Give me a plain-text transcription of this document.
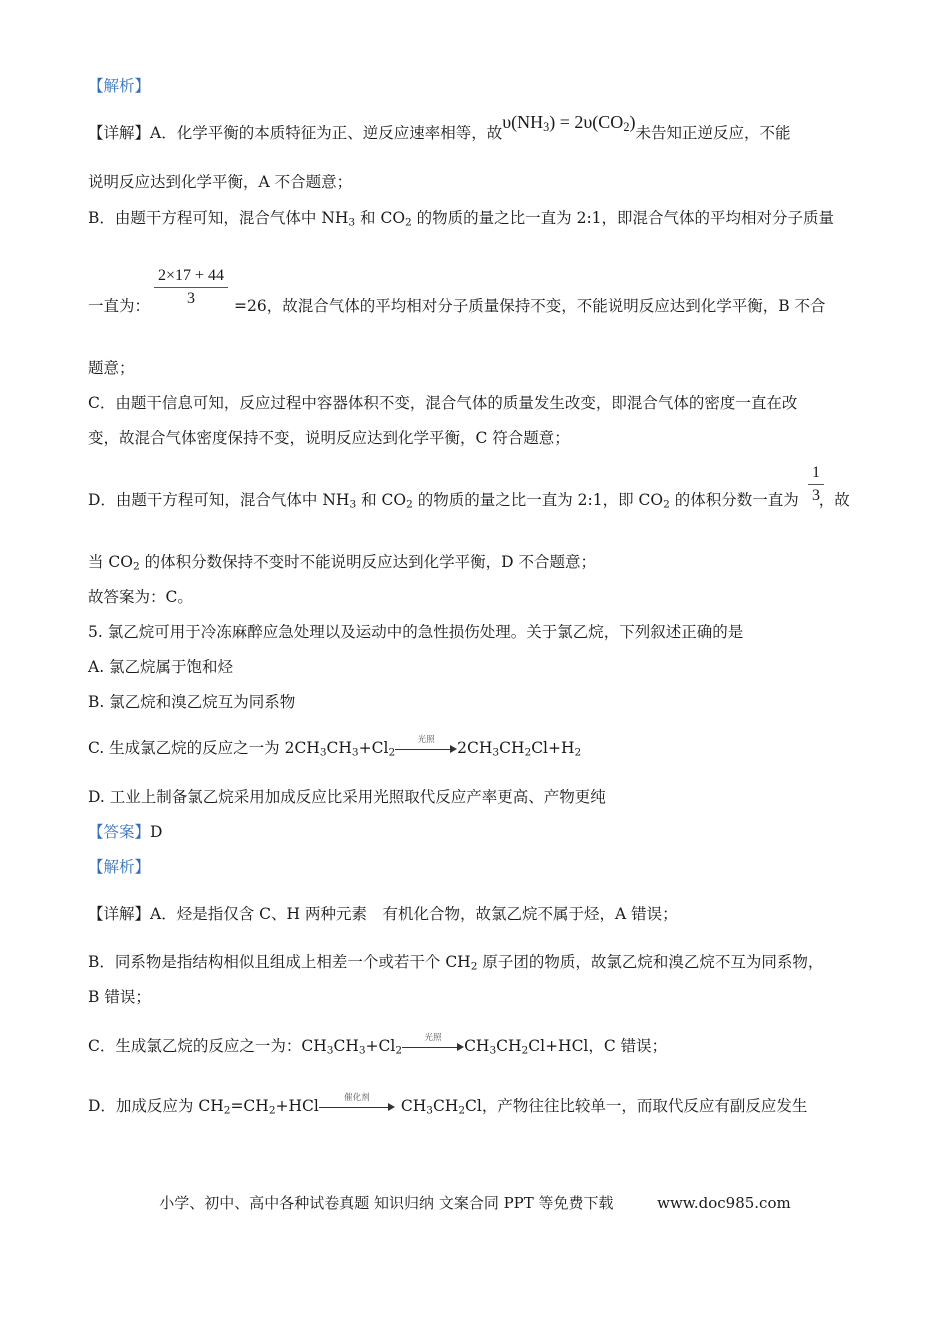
【解析】
【详解】A．化学平衡的本质特征为正、逆反应速率相等，故$\upsilon(NH_3) = 2\upsilon(CO_2)$未告知正逆反应，不能
说明反应达到化学平衡，A 不合题意；
B．由题干方程可知，混合气体中 $NH_3$ 和 $CO_2$ 的物质的量之比一直为 2:1，即混合气体的平均相对分子质量
一直为：	=26，故混合气体的平均相对分子质量保持不变，不能说明反应达到化学平衡，B 不合
$\frac{2\times 17 + 44}{3}$
题意；
C．由题干信息可知，反应过程中容器体积不变，混合气体的质量发生改变，即混合气体的密度一直在改
变，故混合气体密度保持不变，说明反应达到化学平衡，C 符合题意；
D．由题干方程可知，混合气体中 $NH_3$ 和 $CO_2$ 的物质的量之比一直为 2:1，即 $CO_2$ 的体积分数一直为 ，故
$\frac{1}{3}$
当 $CO_2$ 的体积分数保持不变时不能说明反应达到化学平衡，D 不合题意；
故答案为：C。
5. 氯乙烷可用于冷冻麻醉应急处理以及运动中的急性损伤处理。关于氯乙烷，下列叙述正确的是
A. 氯乙烷属于饱和烃
B. 氯乙烷和溴乙烷互为同系物
C. 生成氯乙烷的反应之一为 $2CH_3CH_3+Cl_2$
光照	$2CH_3CH_2Cl+H_2$
D. 工业上制备氯乙烷采用加成反应比采用光照取代反应产率更高、产物更纯
【答案】D
【解析】
【详解】A．烃是指仅含 C、H 两种元素　有机化合物，故氯乙烷不属于烃，A 错误；
B．同系物是指结构相似且组成上相差一个或若干个 $CH_2$ 原子团的物质，故氯乙烷和溴乙烷不互为同系物，
B 错误；
C．生成氯乙烷的反应之一为：$CH_3CH_3+Cl_2$
光照	$CH_3CH_2Cl+HCl$，C 错误；
D．加成反应为 $CH_2=CH_2+HCl$	催化剂	$CH_3CH_2Cl$，产物往往比较单一，而取代反应有副反应发生
小学、初中、高中各种试卷真题 知识归纳 文案合同 PPT 等免费下载	www.doc985.com
